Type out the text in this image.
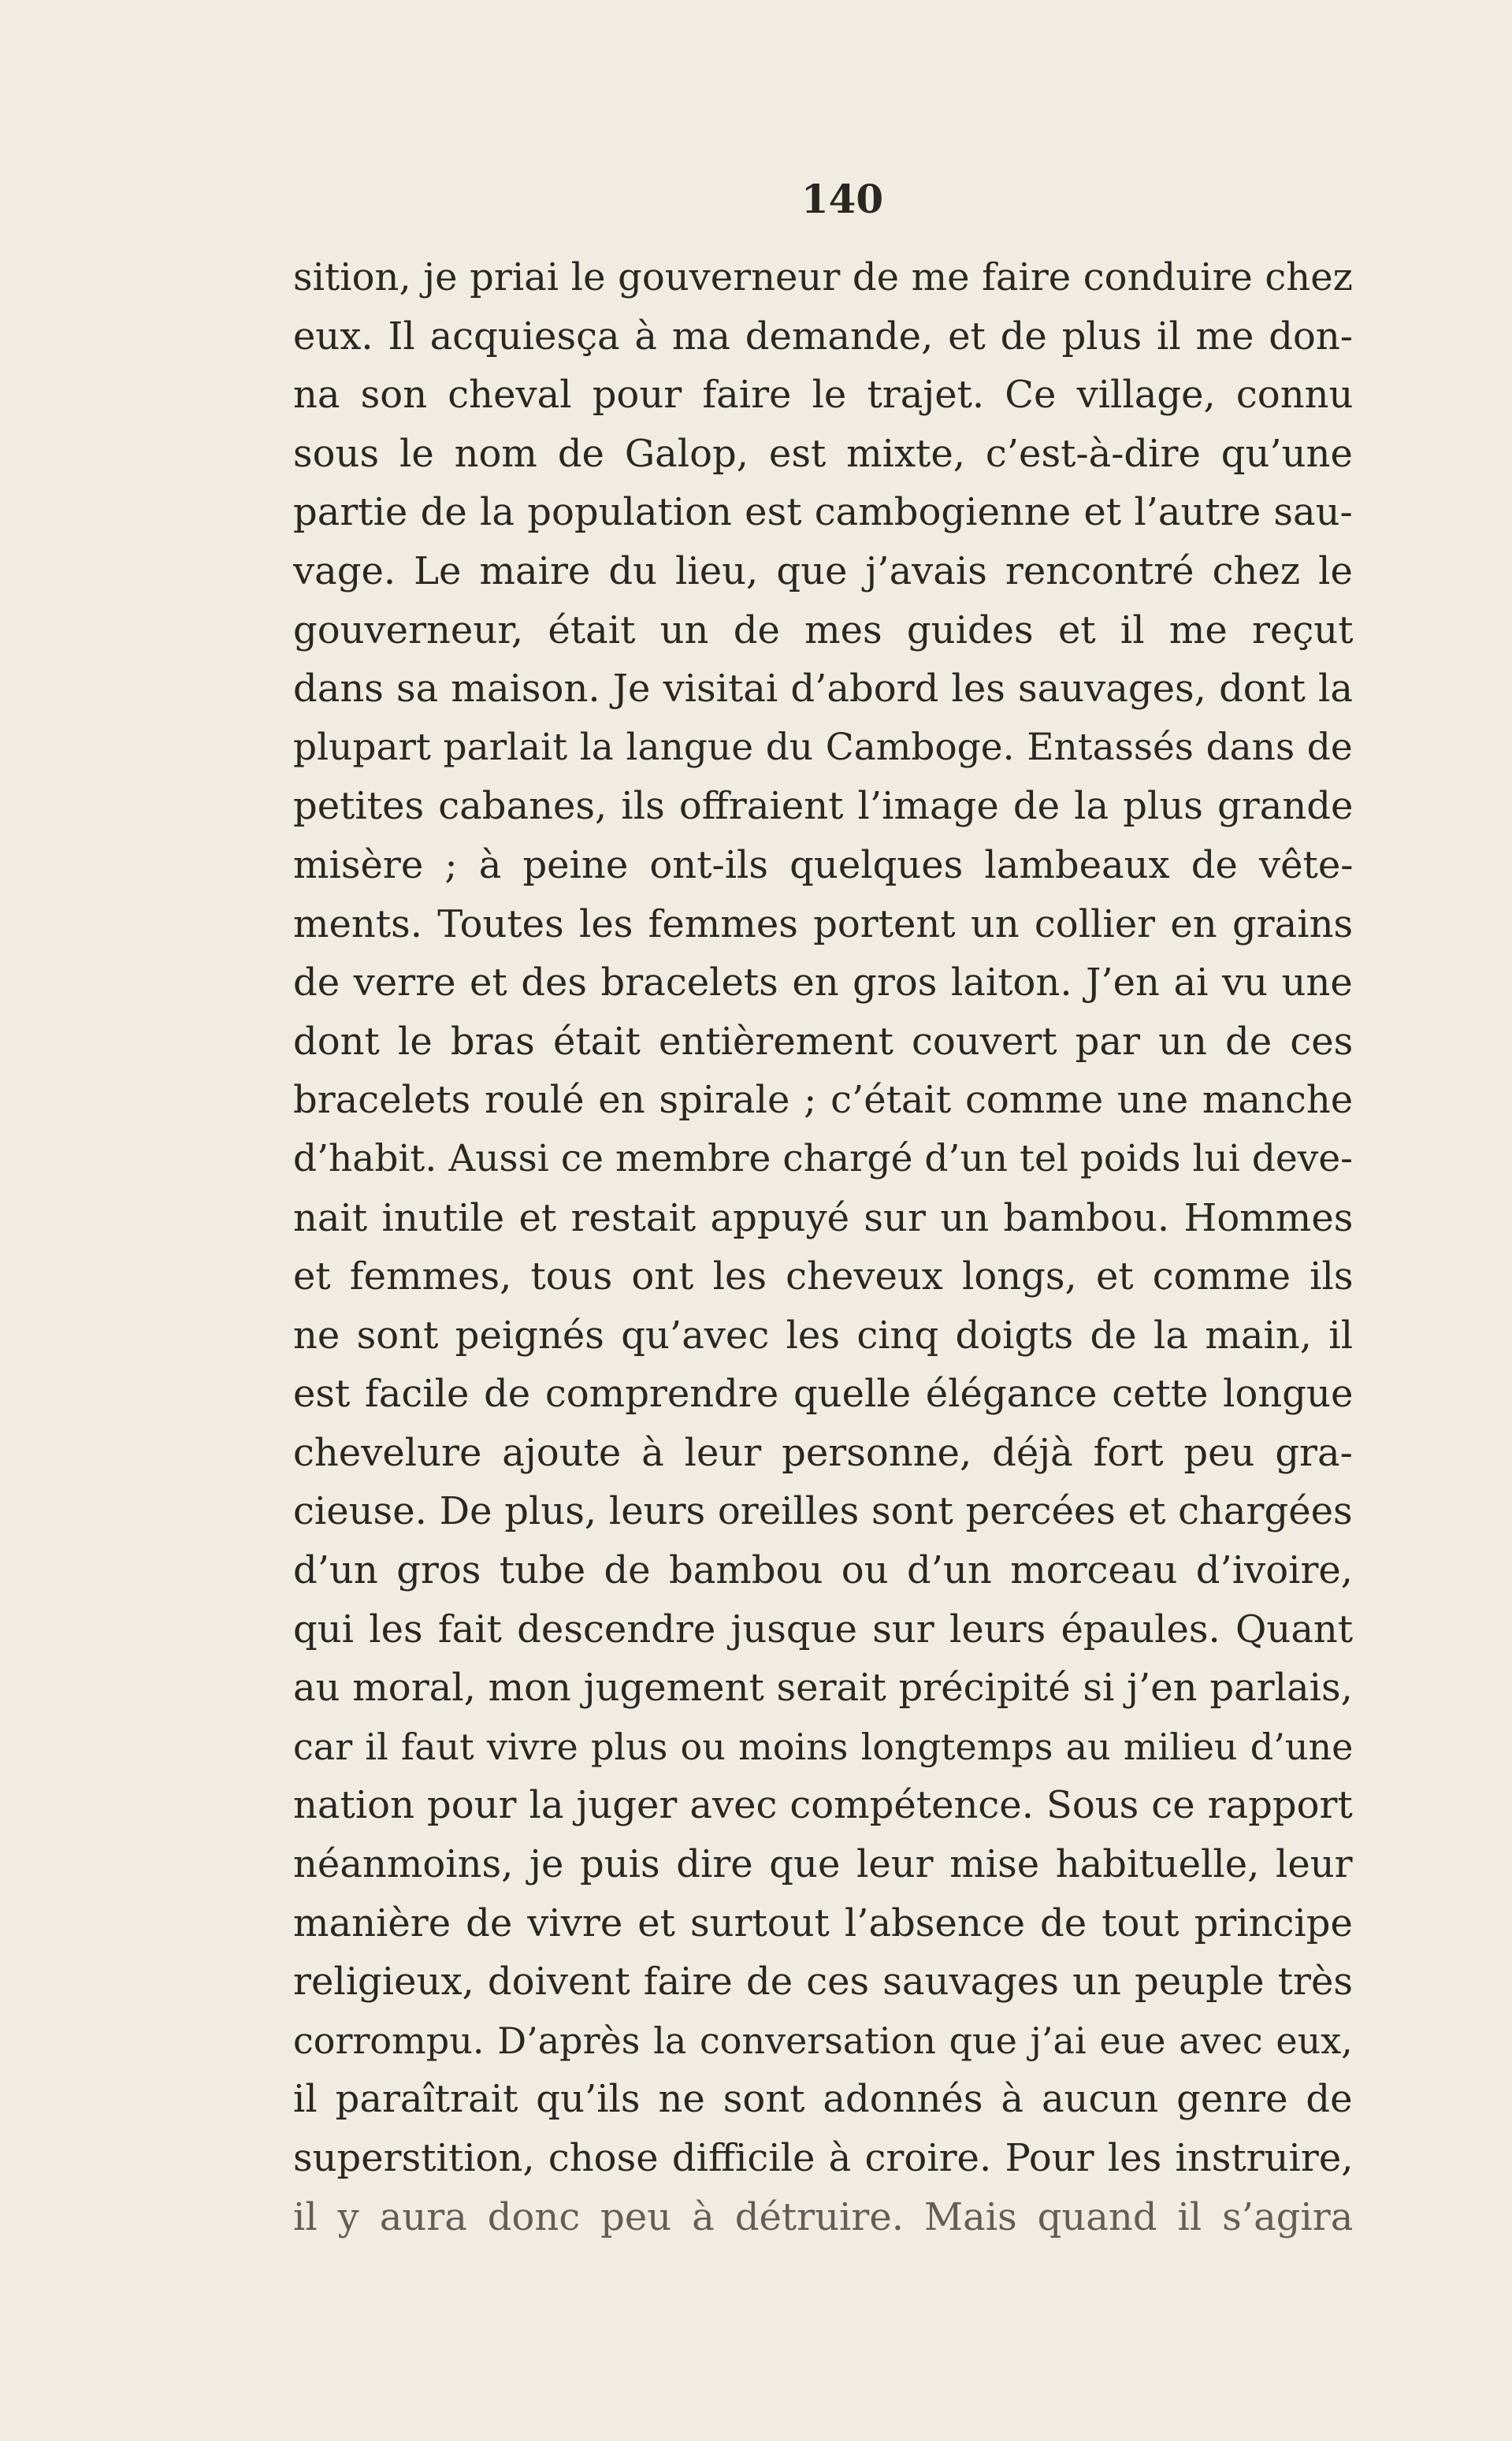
140
sition, je priai le gouverneur de me faire conduire chez
eux. Il acquiesça à ma demande, et de plus il me don-
na son cheval pour faire le trajet. Ce village, connu
sous le nom de Galop, est mixte, c’est-à-dire qu’une
partie de la population est cambogienne et l’autre sau-
vage. Le maire du lieu, que j’avais rencontré chez le
gouverneur, était un de mes guides et il me reçut
dans sa maison. Je visitai d’abord les sauvages, dont la
plupart parlait la langue du Camboge. Entassés dans de
petites cabanes, ils offraient l’image de la plus grande
misère ; à peine ont-ils quelques lambeaux de vête-
ments. Toutes les femmes portent un collier en grains
de verre et des bracelets en gros laiton. J’en ai vu une
dont le bras était entièrement couvert par un de ces
bracelets roulé en spirale ; c’était comme une manche
d’habit. Aussi ce membre chargé d’un tel poids lui deve-
nait inutile et restait appuyé sur un bambou. Hommes
et femmes, tous ont les cheveux longs, et comme ils
ne sont peignés qu’avec les cinq doigts de la main, il
est facile de comprendre quelle élégance cette longue
chevelure ajoute à leur personne, déjà fort peu gra-
cieuse. De plus, leurs oreilles sont percées et chargées
d’un gros tube de bambou ou d’un morceau d’ivoire,
qui les fait descendre jusque sur leurs épaules. Quant
au moral, mon jugement serait précipité si j’en parlais,
car il faut vivre plus ou moins longtemps au milieu d’une
nation pour la juger avec compétence. Sous ce rapport
néanmoins, je puis dire que leur mise habituelle, leur
manière de vivre et surtout l’absence de tout principe
religieux, doivent faire de ces sauvages un peuple très
corrompu. D’après la conversation que j’ai eue avec eux,
il paraîtrait qu’ils ne sont adonnés à aucun genre de
superstition, chose difficile à croire. Pour les instruire,
il y aura donc peu à détruire. Mais quand il s’agira
